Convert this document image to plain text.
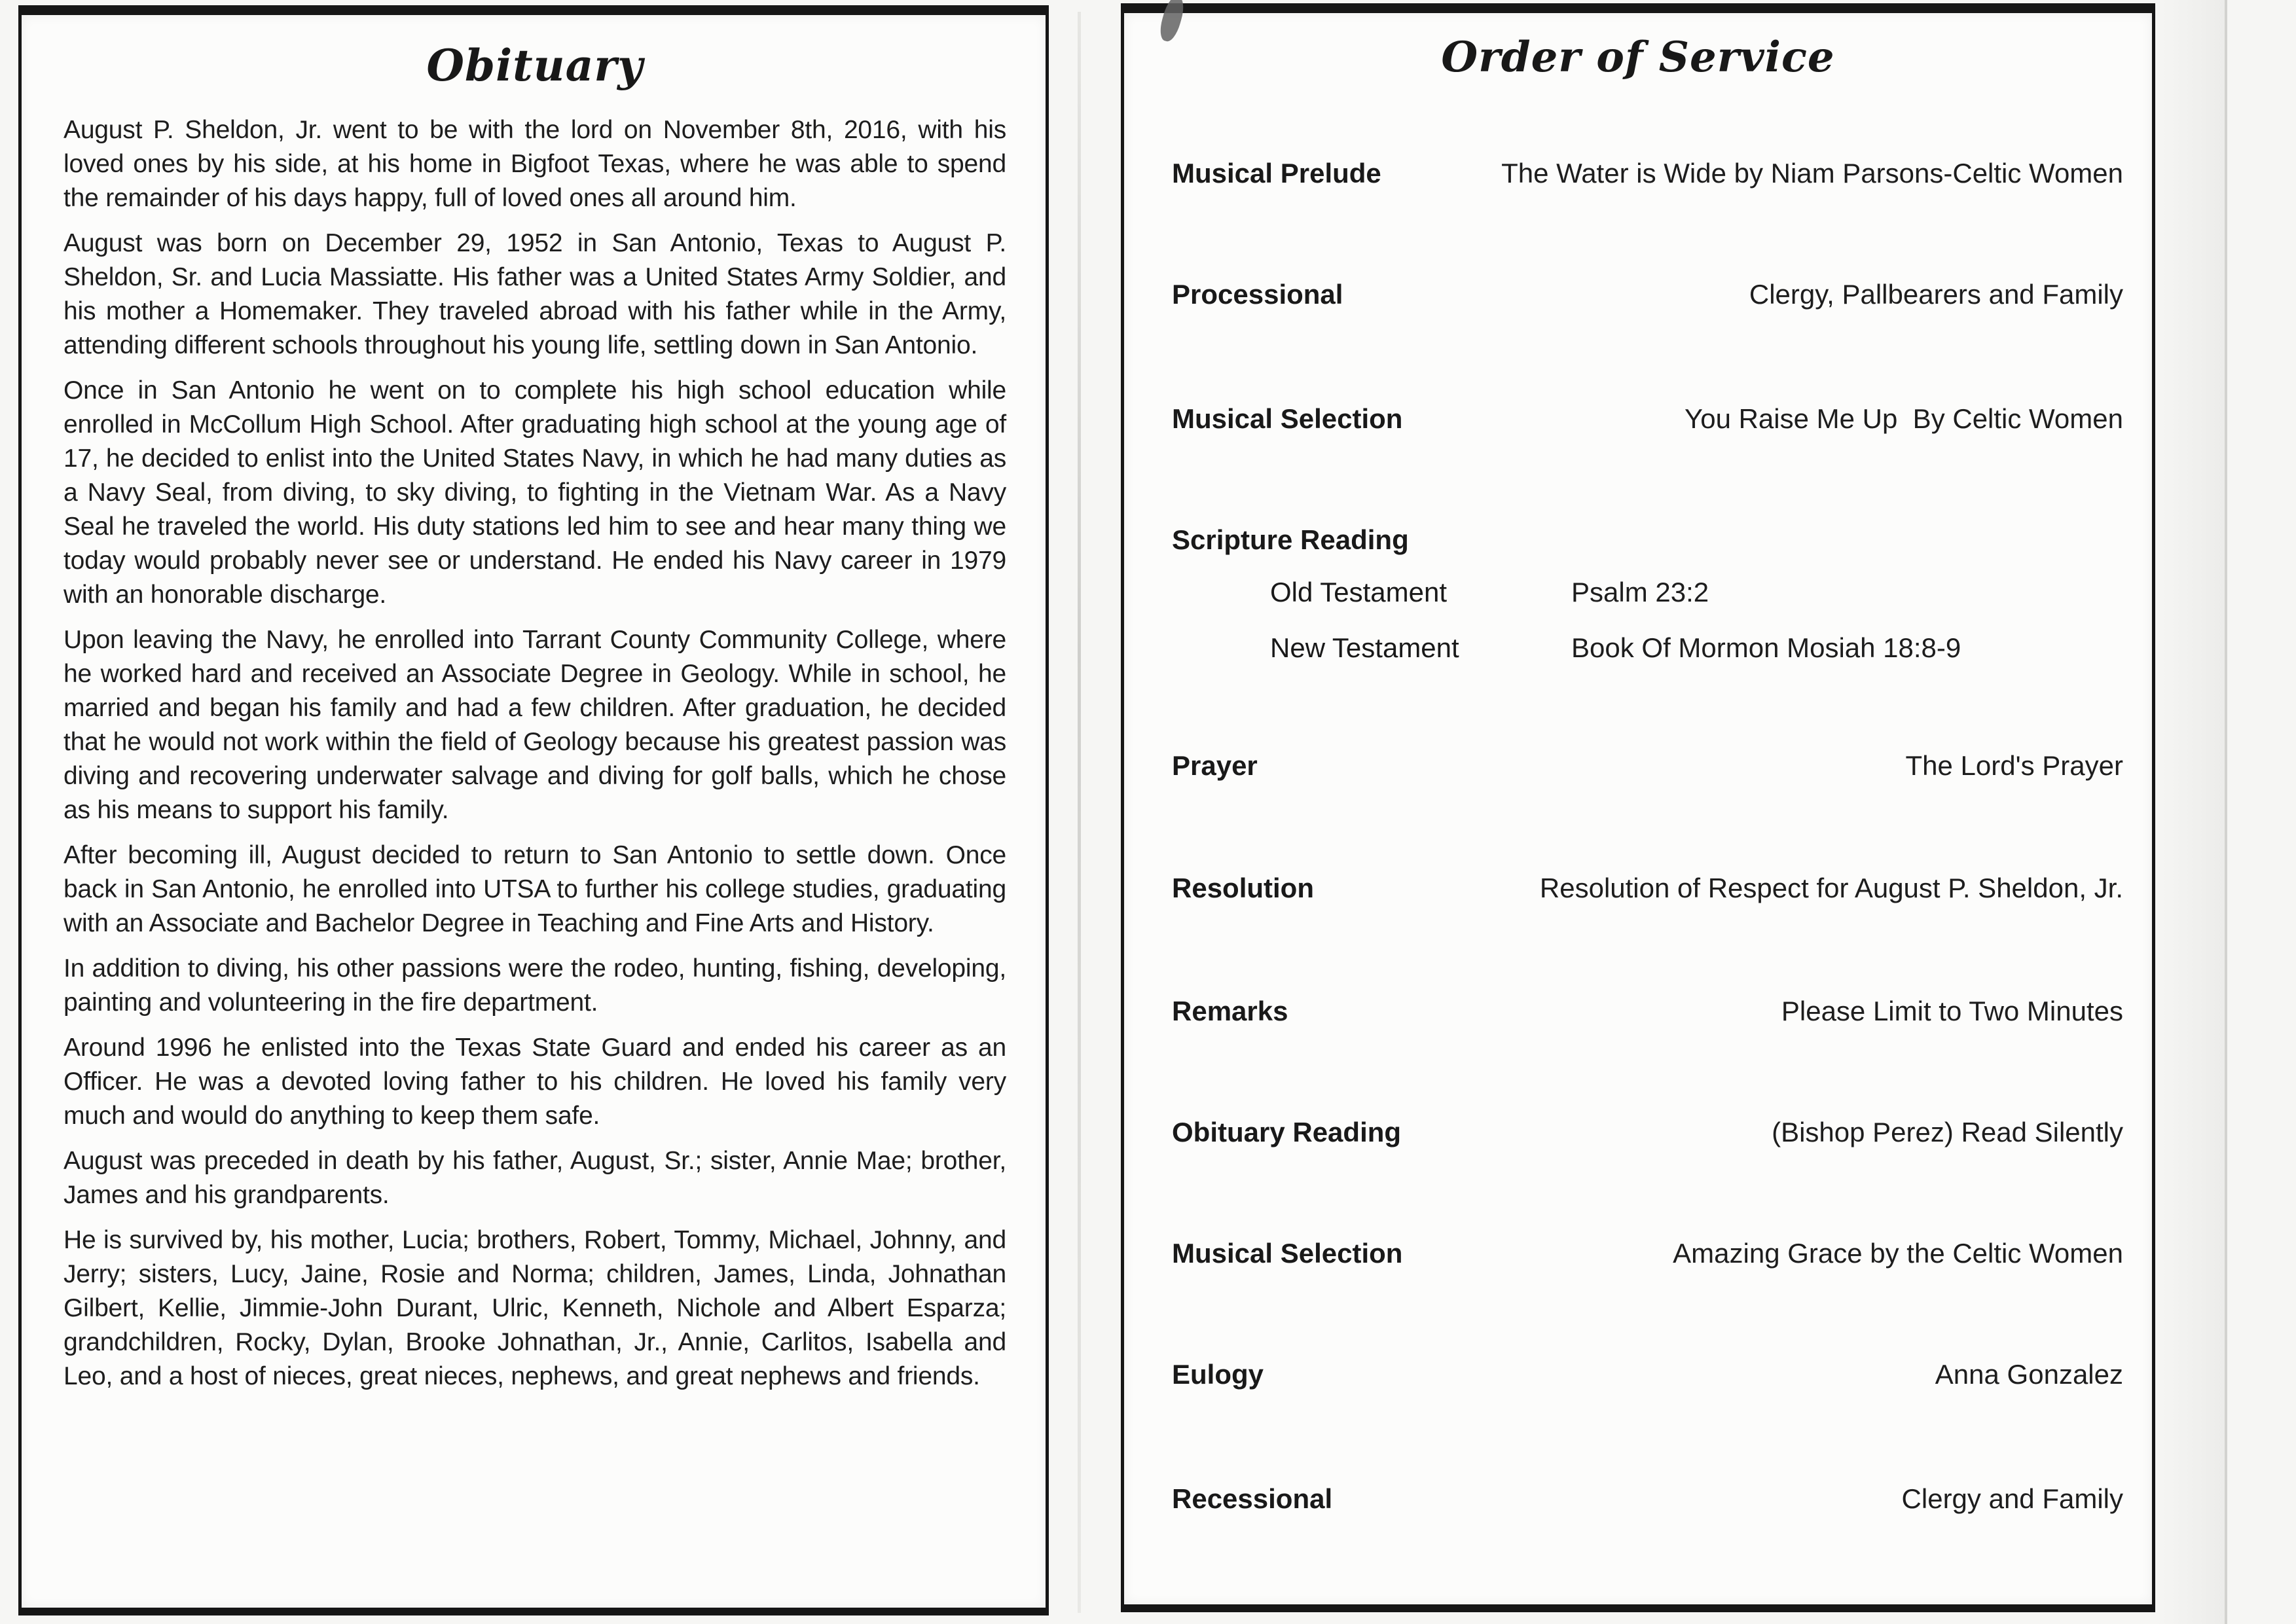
Obituary

August P. Sheldon, Jr. went to be with the lord on November 8th, 2016, with his loved ones by his side, at his home in Bigfoot Texas, where he was able to spend the remainder of his days happy, full of loved ones all around him.

August was born on December 29, 1952 in San Antonio, Texas to August P. Sheldon, Sr. and Lucia Massiatte. His father was a United States Army Soldier, and his mother a Homemaker. They traveled abroad with his father while in the Army, attending different schools throughout his young life, settling down in San Antonio.

Once in San Antonio he went on to complete his high school education while enrolled in McCollum High School. After graduating high school at the young age of 17, he decided to enlist into the United States Navy, in which he had many duties as a Navy Seal, from diving, to sky diving, to fighting in the Vietnam War. As a Navy Seal he traveled the world. His duty stations led him to see and hear many thing we today would probably never see or understand. He ended his Navy career in 1979 with an honorable discharge.

Upon leaving the Navy, he enrolled into Tarrant County Community College, where he worked hard and received an Associate Degree in Geology. While in school, he married and began his family and had a few children. After graduation, he decided that he would not work within the field of Geology because his greatest passion was diving and recovering underwater salvage and diving for golf balls, which he chose as his means to support his family.

After becoming ill, August decided to return to San Antonio to settle down. Once back in San Antonio, he enrolled into UTSA to further his college studies, graduating with an Associate and Bachelor Degree in Teaching and Fine Arts and History.

In addition to diving, his other passions were the rodeo, hunting, fishing, developing, painting and volunteering in the fire department.

Around 1996 he enlisted into the Texas State Guard and ended his career as an Officer. He was a devoted loving father to his children. He loved his family very much and would do anything to keep them safe.

August was preceded in death by his father, August, Sr.; sister, Annie Mae; brother, James and his grandparents.

He is survived by, his mother, Lucia; brothers, Robert, Tommy, Michael, Johnny, and Jerry; sisters, Lucy, Jaine, Rosie and Norma; children, James, Linda, Johnathan Gilbert, Kellie, Jimmie-John Durant, Ulric, Kenneth, Nichole and Albert Esparza; grandchildren, Rocky, Dylan, Brooke Johnathan, Jr., Annie, Carlitos, Isabella and Leo, and a host of nieces, great nieces, nephews, and great nephews and friends.

Order of Service
Musical Prelude	The Water is Wide by Niam Parsons-Celtic Women
Processional	Clergy, Pallbearers and Family
Musical Selection	You Raise Me Up  By Celtic Women
Scripture Reading
Old Testament	Psalm 23:2
New Testament	Book Of Mormon Mosiah 18:8-9
Prayer	The Lord's Prayer
Resolution	Resolution of Respect for August P. Sheldon, Jr.
Remarks	Please Limit to Two Minutes
Obituary Reading	(Bishop Perez) Read Silently
Musical Selection	Amazing Grace by the Celtic Women
Eulogy	Anna Gonzalez
Recessional	Clergy and Family
